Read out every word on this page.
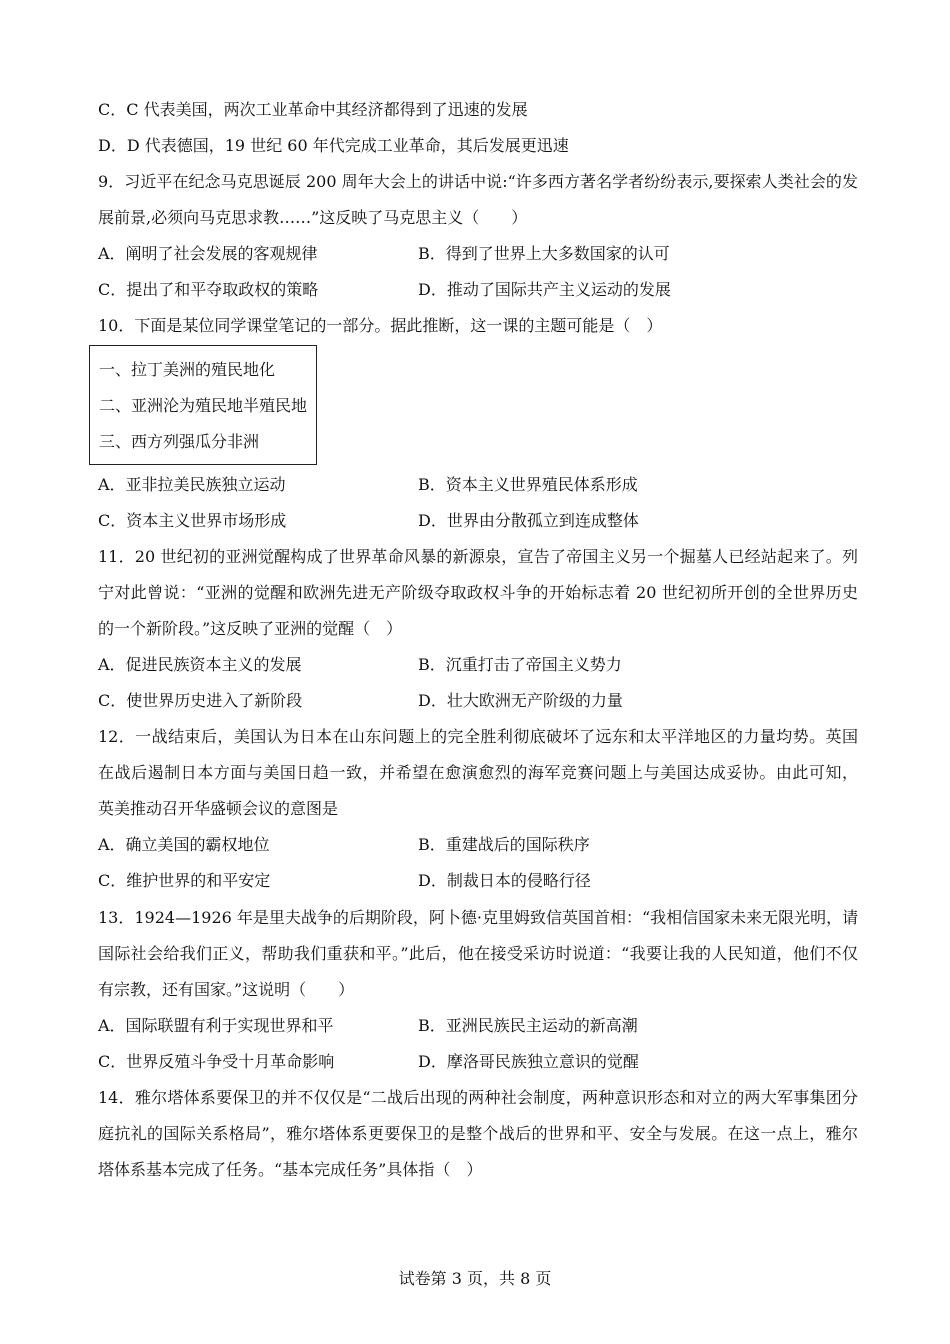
C．C 代表美国，两次工业革命中其经济都得到了迅速的发展
D．D 代表德国，19 世纪 60 年代完成工业革命，其后发展更迅速
9．习近平在纪念马克思诞辰 200 周年大会上的讲话中说:“许多西方著名学者纷纷表示,要探索人类社会的发
展前景,必须向马克思求教……”这反映了马克思主义（　　）
A．阐明了社会发展的客观规律	B．得到了世界上大多数国家的认可
C．提出了和平夺取政权的策略	D．推动了国际共产主义运动的发展
10．下面是某位同学课堂笔记的一部分。据此推断，这一课的主题可能是（　）
一、拉丁美洲的殖民地化
二、亚洲沦为殖民地半殖民地
三、西方列强瓜分非洲
A．亚非拉美民族独立运动	B．资本主义世界殖民体系形成
C．资本主义世界市场形成	D．世界由分散孤立到连成整体
11．20 世纪初的亚洲觉醒构成了世界革命风暴的新源泉，宣告了帝国主义另一个掘墓人已经站起来了。列
宁对此曾说：“亚洲的觉醒和欧洲先进无产阶级夺取政权斗争的开始标志着 20 世纪初所开创的全世界历史
的一个新阶段。”这反映了亚洲的觉醒（　）
A．促进民族资本主义的发展	B．沉重打击了帝国主义势力
C．使世界历史进入了新阶段	D．壮大欧洲无产阶级的力量
12．一战结束后，美国认为日本在山东问题上的完全胜利彻底破坏了远东和太平洋地区的力量均势。英国
在战后遏制日本方面与美国日趋一致，并希望在愈演愈烈的海军竞赛问题上与美国达成妥协。由此可知，
英美推动召开华盛顿会议的意图是
A．确立美国的霸权地位	B．重建战后的国际秩序
C．维护世界的和平安定	D．制裁日本的侵略行径
13．1924—1926 年是里夫战争的后期阶段，阿卜德·克里姆致信英国首相：“我相信国家未来无限光明，请
国际社会给我们正义，帮助我们重获和平。”此后，他在接受采访时说道：“我要让我的人民知道，他们不仅
有宗教，还有国家。”这说明（　　）
A．国际联盟有利于实现世界和平	B．亚洲民族民主运动的新高潮
C．世界反殖斗争受十月革命影响	D．摩洛哥民族独立意识的觉醒
14．雅尔塔体系要保卫的并不仅仅是“二战后出现的两种社会制度，两种意识形态和对立的两大军事集团分
庭抗礼的国际关系格局”，雅尔塔体系更要保卫的是整个战后的世界和平、安全与发展。在这一点上，雅尔
塔体系基本完成了任务。“基本完成任务”具体指（　）
试卷第 3 页，共 8 页
